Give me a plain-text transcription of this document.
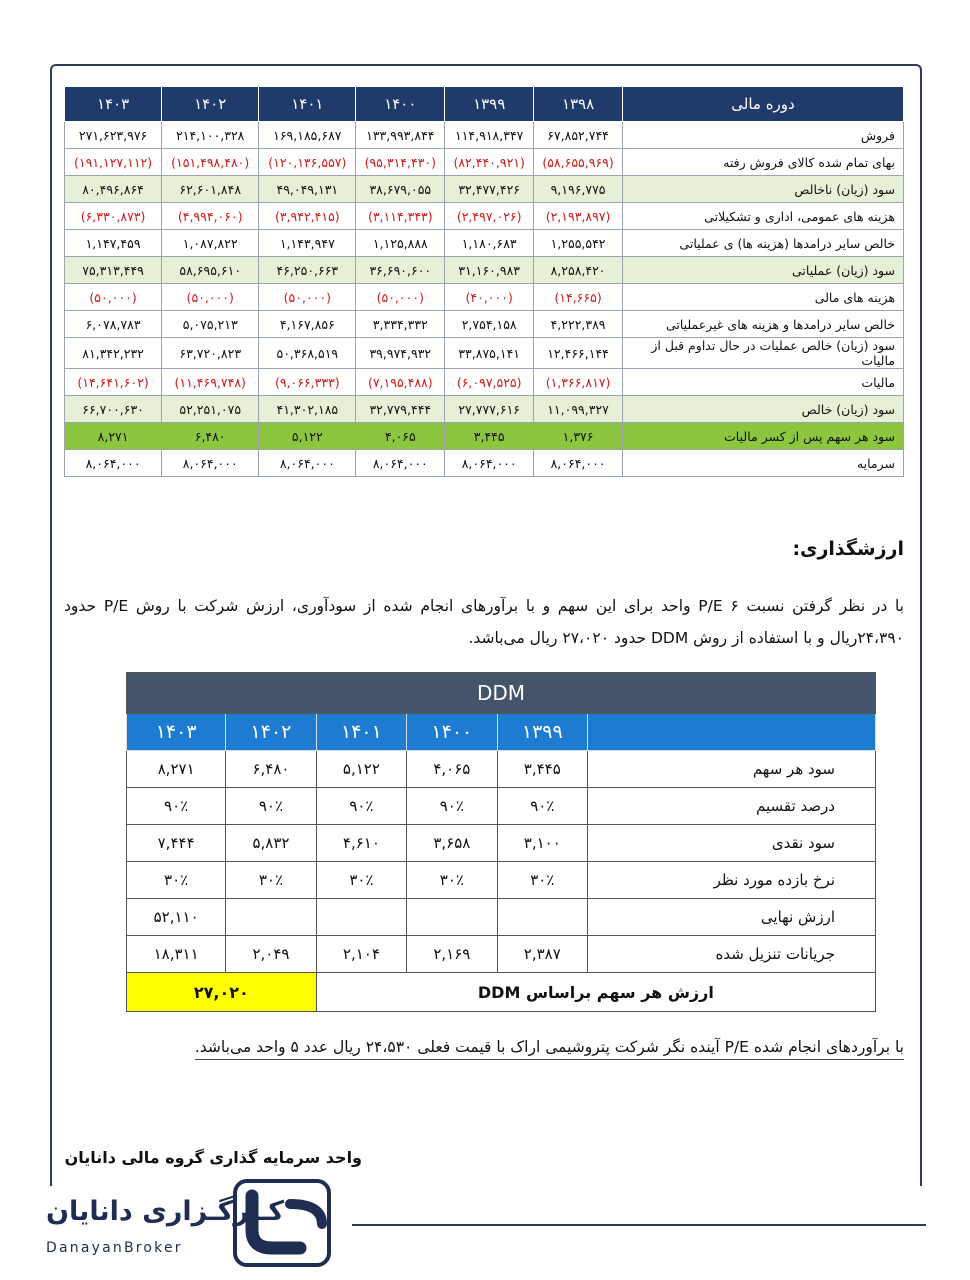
دوره مالی	۱۳۹۸	۱۳۹۹	۱۴۰۰	۱۴۰۱	۱۴۰۲	۱۴۰۳
فروش	۶۷,۸۵۲,۷۴۴	۱۱۴,۹۱۸,۳۴۷	۱۳۳,۹۹۳,۸۴۴	۱۶۹,۱۸۵,۶۸۷	۲۱۴,۱۰۰,۳۲۸	۲۷۱,۶۲۳,۹۷۶
بهای تمام شده کالای فروش رفته	(۵۸,۶۵۵,۹۶۹)	(۸۲,۴۴۰,۹۲۱)	(۹۵,۳۱۴,۴۳۰)	(۱۲۰,۱۳۶,۵۵۷)	(۱۵۱,۴۹۸,۴۸۰)	(۱۹۱,۱۲۷,۱۱۲)
سود (زیان) ناخالص	۹,۱۹۶,۷۷۵	۳۲,۴۷۷,۴۲۶	۳۸,۶۷۹,۰۵۵	۴۹,۰۴۹,۱۳۱	۶۲,۶۰۱,۸۴۸	۸۰,۴۹۶,۸۶۴
هزینه های عمومی، اداری و تشکیلاتی	(۲,۱۹۳,۸۹۷)	(۲,۴۹۷,۰۲۶)	(۳,۱۱۴,۳۴۳)	(۳,۹۴۲,۴۱۵)	(۴,۹۹۴,۰۶۰)	(۶,۳۳۰,۸۷۳)
خالص سایر درامدها (هزینه ها) ی عملیاتی	۱,۲۵۵,۵۴۲	۱,۱۸۰,۶۸۳	۱,۱۲۵,۸۸۸	۱,۱۴۳,۹۴۷	۱,۰۸۷,۸۲۲	۱,۱۴۷,۴۵۹
سود (زیان) عملیاتی	۸,۲۵۸,۴۲۰	۳۱,۱۶۰,۹۸۳	۳۶,۶۹۰,۶۰۰	۴۶,۲۵۰,۶۶۳	۵۸,۶۹۵,۶۱۰	۷۵,۳۱۳,۴۴۹
هزینه های مالی	(۱۴,۶۶۵)	(۴۰,۰۰۰)	(۵۰,۰۰۰)	(۵۰,۰۰۰)	(۵۰,۰۰۰)	(۵۰,۰۰۰)
خالص سایر درامدها و هزینه های غیرعملیاتی	۴,۲۲۲,۳۸۹	۲,۷۵۴,۱۵۸	۳,۳۳۴,۳۳۲	۴,۱۶۷,۸۵۶	۵,۰۷۵,۲۱۳	۶,۰۷۸,۷۸۳
سود (زیان) خالص عملیات در حال تداوم قبل از مالیات	۱۲,۴۶۶,۱۴۴	۳۳,۸۷۵,۱۴۱	۳۹,۹۷۴,۹۳۲	۵۰,۳۶۸,۵۱۹	۶۳,۷۲۰,۸۲۳	۸۱,۳۴۲,۲۳۲
مالیات	(۱,۳۶۶,۸۱۷)	(۶,۰۹۷,۵۲۵)	(۷,۱۹۵,۴۸۸)	(۹,۰۶۶,۳۳۳)	(۱۱,۴۶۹,۷۴۸)	(۱۴,۶۴۱,۶۰۲)
سود (زیان) خالص	۱۱,۰۹۹,۳۲۷	۲۷,۷۷۷,۶۱۶	۳۲,۷۷۹,۴۴۴	۴۱,۳۰۲,۱۸۵	۵۲,۲۵۱,۰۷۵	۶۶,۷۰۰,۶۳۰
سود هر سهم پس از کسر مالیات	۱,۳۷۶	۳,۴۴۵	۴,۰۶۵	۵,۱۲۲	۶,۴۸۰	۸,۲۷۱
سرمایه	۸,۰۶۴,۰۰۰	۸,۰۶۴,۰۰۰	۸,۰۶۴,۰۰۰	۸,۰۶۴,۰۰۰	۸,۰۶۴,۰۰۰	۸,۰۶۴,۰۰۰
ارزشگذاری:
با در نظر گرفتن نسبت P/E ۶ واحد برای این سهم و با برآورهای انجام شده از سودآوری، ارزش شرکت با روش P/E حدود ۲۴،۳۹۰ریال و با استفاده از روش DDM حدود ۲۷،۰۲۰ ریال می‌باشد.
DDM					
	۱۳۹۹	۱۴۰۰	۱۴۰۱	۱۴۰۲	۱۴۰۳
سود هر سهم	۳,۴۴۵	۴,۰۶۵	۵,۱۲۲	۶,۴۸۰	۸,۲۷۱
درصد تقسیم	۹۰٪	۹۰٪	۹۰٪	۹۰٪	۹۰٪
سود نقدی	۳,۱۰۰	۳,۶۵۸	۴,۶۱۰	۵,۸۳۲	۷,۴۴۴
نرخ بازده مورد نظر	۳۰٪	۳۰٪	۳۰٪	۳۰٪	۳۰٪
ارزش نهایی					۵۲,۱۱۰
جریانات تنزیل شده	۲,۳۸۷	۲,۱۶۹	۲,۱۰۴	۲,۰۴۹	۱۸,۳۱۱
ارزش هر سهم براساس DDM				۲۷,۰۲۰	
با برآوردهای انجام شده P/E آینده نگر شرکت پتروشیمی اراک با قیمت فعلی ۲۴،۵۳۰ ریال عدد ۵ واحد می‌باشد.
واحد سرمایه گذاری گروه مالی دانایان
کـارگـزاری دانایان
DanayanBroker
